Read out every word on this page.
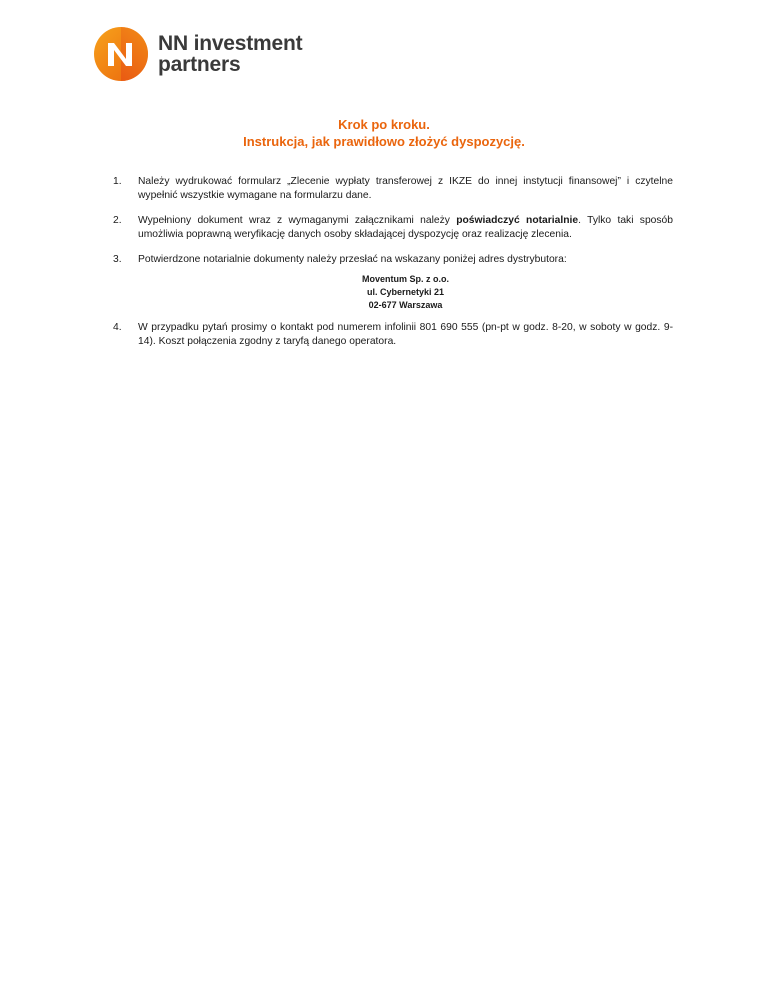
NN investment
partners
Krok po kroku.
Instrukcja, jak prawidłowo złożyć dyspozycję.
1. Należy wydrukować formularz „Zlecenie wypłaty transferowej z IKZE do innej instytucji finansowej” i czytelne wypełnić wszystkie wymagane na formularzu dane.
2. Wypełniony dokument wraz z wymaganymi załącznikami należy poświadczyć notarialnie. Tylko taki sposób umożliwia poprawną weryfikację danych osoby składającej dyspozycję oraz realizację zlecenia.
3. Potwierdzone notarialnie dokumenty należy przesłać na wskazany poniżej adres dystrybutora:
Moventum Sp. z o.o.
ul. Cybernetyki 21
02-677 Warszawa
4. W przypadku pytań prosimy o kontakt pod numerem infolinii 801 690 555 (pn-pt w godz. 8-20, w soboty w godz. 9-14). Koszt połączenia zgodny z taryfą danego operatora.
